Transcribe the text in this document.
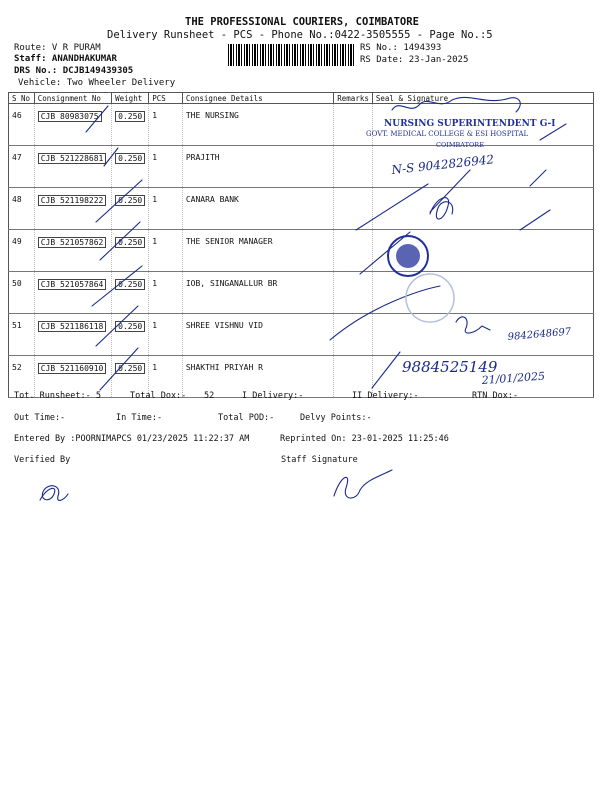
THE PROFESSIONAL COURIERS, COIMBATORE
Delivery Runsheet - PCS - Phone No.:0422-3505555 - Page No.:5
Route: V R PURAM
Staff: ANANDHAKUMAR
DRS No.: DCJB149439305
Vehicle: Two Wheeler Delivery
RS No.: 1494393
RS Date: 23-Jan-2025
S No	Consignment No	Weight	PCS	Consignee Details	Remarks	Seal & Signature
46	CJB 80983075	0.250	1	THE NURSING		
47	CJB 521228681	0.250	1	PRAJITH		
48	CJB 521198222	0.250	1	CANARA BANK		
49	CJB 521057862	0.250	1	THE SENIOR MANAGER		
50	CJB 521057864	0.250	1	IOB, SINGANALLUR BR		
51	CJB 521186118	0.250	1	SHREE VISHNU VID		
52	CJB 521160910	0.250	1	SHAKTHI PRIYAH R		
NURSING SUPERINTENDENT G-I
GOVT. MEDICAL COLLEGE & ESI HOSPITAL
COIMBATORE
N-S 9042826942
9842648697
9884525149
21/01/2025
Tot. Runsheet:- 5	Total Dox:- 52	I Delivery:-	II Delivery:-	RTN Dox:-
Out Time:-	In Time:-	Total POD:-	Delvy Points:-
Entered By :POORNIMAPCS 01/23/2025 11:22:37 AM	Reprinted On: 23-01-2025 11:25:46
Verified By	Staff Signature
